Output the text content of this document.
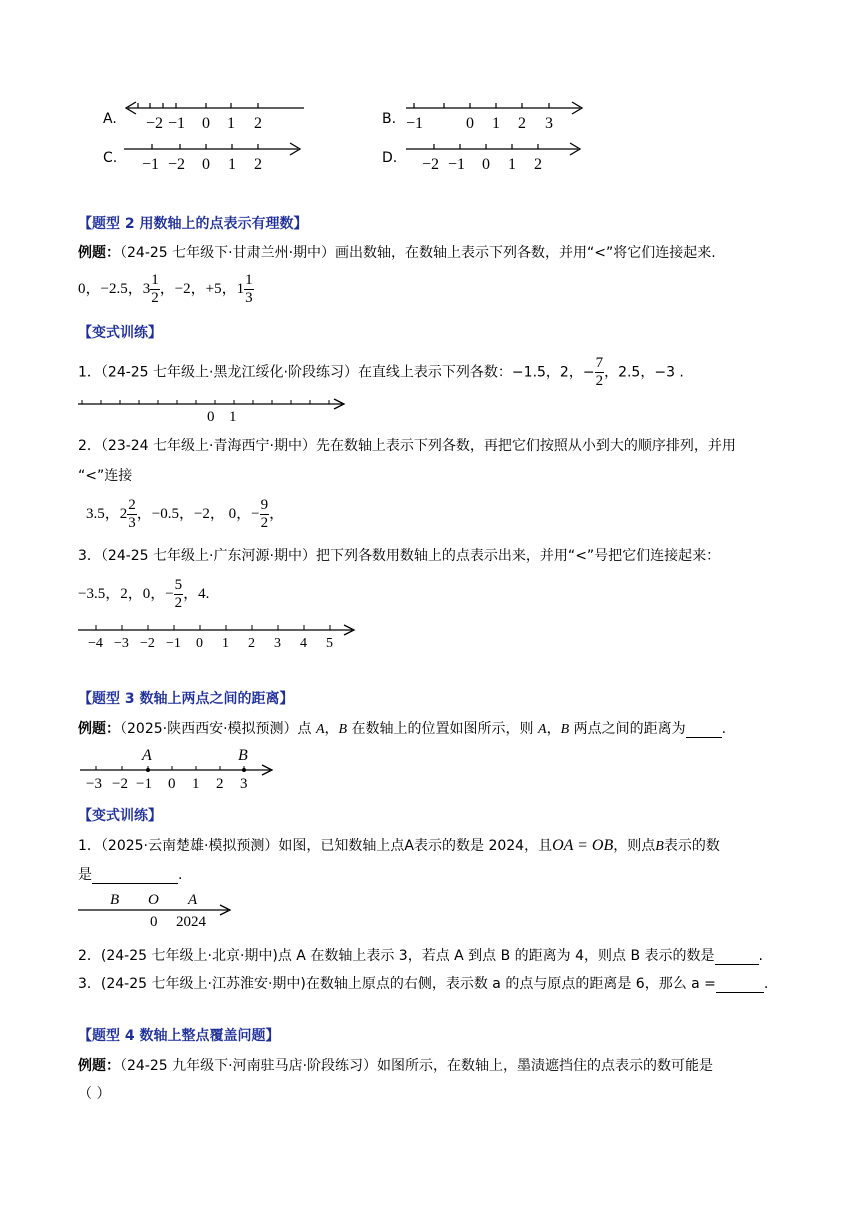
A. −2 −1 0 1 2	B. −1	0 1 2 3
C. −1 −2 0 1 2	D. −2 −1 0 1 2
【题型 2 用数轴上的点表示有理数】
例题：（24-25 七年级下·甘肃兰州·期中）画出数轴，在数轴上表示下列各数，并用“<”将它们连接起来.
0，−2.5，$3 \frac{1}{2}$ ，−2，+5，$1 \frac{1}{3}$
【变式训练】
1．（24-25 七年级上·黑龙江绥化·阶段练习）在直线上表示下列各数：−1.5，2，− $\frac{7}{2}$ ，2.5，−3 .
0 1
2．（23-24 七年级上·青海西宁·期中）先在数轴上表示下列各数，再把它们按照从小到大的顺序排列，并用
“<”连接
3.5，$2 \frac{2}{3}$ ，−0.5，−2， 0，− $\frac{9}{2}$ ，
3．（24-25 七年级上·广东河源·期中）把下列各数用数轴上的点表示出来，并用“<”号把它们连接起来：
−3.5，2，0，− $\frac{5}{2}$ ，4.
−4 −3 −2 −1 0 1 2 3 4 5
【题型 3 数轴上两点之间的距离】
例题：（2025·陕西西安·模拟预测）点 A，B 在数轴上的位置如图所示，则 A，B 两点之间的距离为	.
A	B
−3 −2 −1 0 1 2 3
【变式训练】
1．（2025·云南楚雄·模拟预测）如图，已知数轴上点A表示的数是 2024，且OA = OB，则点B表示的数
是	.
B O A
0 2024
2．(24-25 七年级上·北京·期中)点 A 在数轴上表示 3，若点 A 到点 B 的距离为 4，则点 B 表示的数是	.
3．(24-25 七年级上·江苏淮安·期中)在数轴上原点的右侧，表示数 a 的点与原点的距离是 6，那么 a =	.
【题型 4 数轴上整点覆盖问题】
例题：（24-25 九年级下·河南驻马店·阶段练习）如图所示，在数轴上，墨渍遮挡住的点表示的数可能是
（ ）
